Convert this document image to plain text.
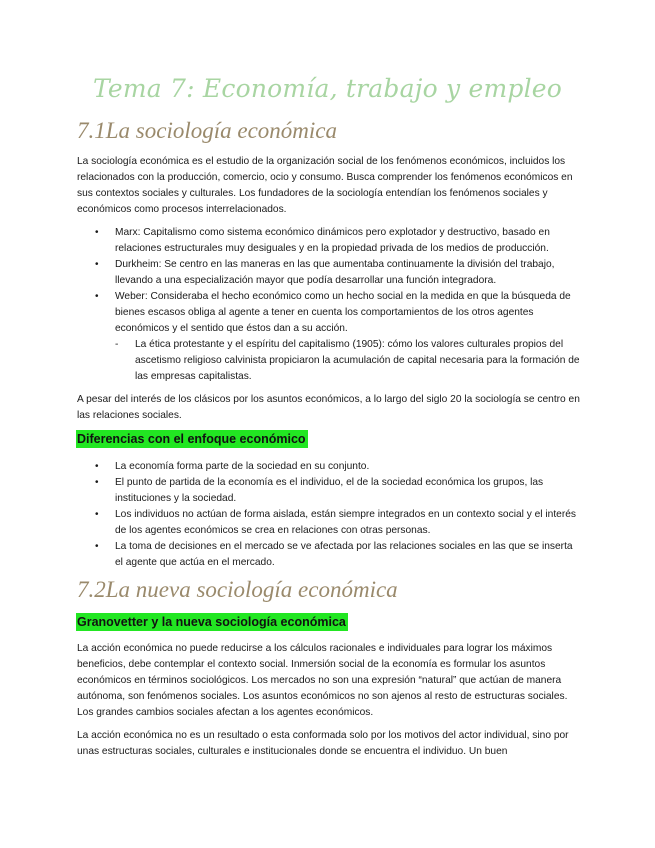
Tema 7: Economía, trabajo y empleo
7.1La sociología económica

La sociología económica es el estudio de la organización social de los fenómenos económicos, incluidos los relacionados con la producción, comercio, ocio y consumo. Busca comprender los fenómenos económicos en sus contextos sociales y culturales. Los fundadores de la sociología entendían los fenómenos sociales y económicos como procesos interrelacionados.

• Marx: Capitalismo como sistema económico dinámicos pero explotador y destructivo, basado en relaciones estructurales muy desiguales y en la propiedad privada de los medios de producción.
• Durkheim: Se centro en las maneras en las que aumentaba continuamente la división del trabajo, llevando a una especialización mayor que podía desarrollar una función integradora.
• Weber: Consideraba el hecho económico como un hecho social en la medida en que la búsqueda de bienes escasos obliga al agente a tener en cuenta los comportamientos de los otros agentes económicos y el sentido que éstos dan a su acción.
- La ética protestante y el espíritu del capitalismo (1905): cómo los valores culturales propios del ascetismo religioso calvinista propiciaron la acumulación de capital necesaria para la formación de las empresas capitalistas.

A pesar del interés de los clásicos por los asuntos económicos, a lo largo del siglo 20 la sociología se centro en las relaciones sociales.

Diferencias con el enfoque económico
• La economía forma parte de la sociedad en su conjunto.
• El punto de partida de la economía es el individuo, el de la sociedad económica los grupos, las instituciones y la sociedad.
• Los individuos no actúan de forma aislada, están siempre integrados en un contexto social y el interés de los agentes económicos se crea en relaciones con otras personas.
• La toma de decisiones en el mercado se ve afectada por las relaciones sociales en las que se inserta el agente que actúa en el mercado.
7.2La nueva sociología económica
Granovetter y la nueva sociología económica

La acción económica no puede reducirse a los cálculos racionales e individuales para lograr los máximos beneficios, debe contemplar el contexto social. Inmersión social de la economía es formular los asuntos económicos en términos sociológicos. Los mercados no son una expresión “natural” que actúan de manera autónoma, son fenómenos sociales. Los asuntos económicos no son ajenos al resto de estructuras sociales. Los grandes cambios sociales afectan a los agentes económicos.

La acción económica no es un resultado o esta conformada solo por los motivos del actor individual, sino por unas estructuras sociales, culturales e institucionales donde se encuentra el individuo. Un buen
